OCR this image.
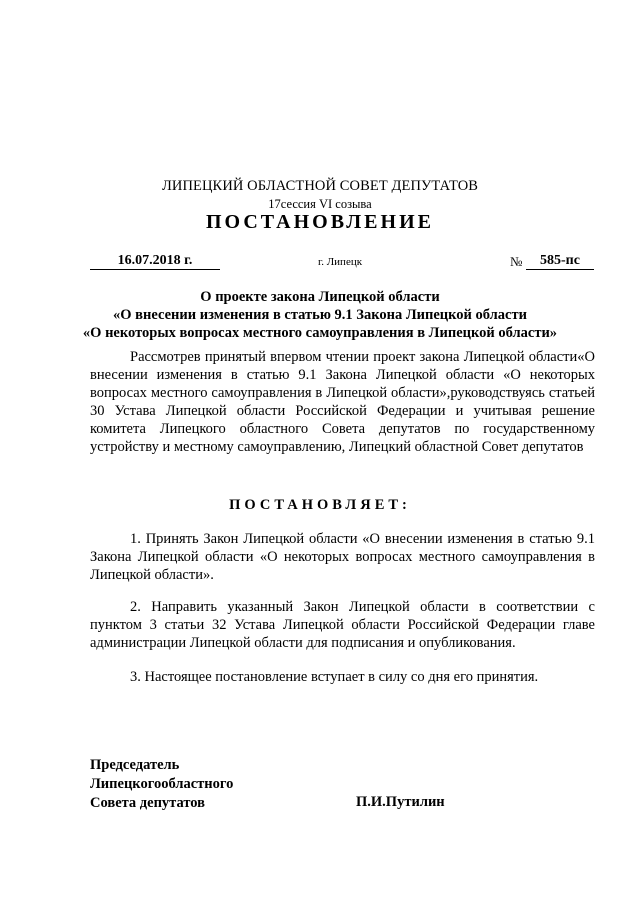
ЛИПЕЦКИЙ ОБЛАСТНОЙ СОВЕТ ДЕПУТАТОВ
17сессия VI созыва
ПОСТАНОВЛЕНИЕ
16.07.2018 г.	г. Липецк	№	585-пс
О проекте закона Липецкой области
«О внесении изменения в статью 9.1 Закона Липецкой области
«О некоторых вопросах местного самоуправления в Липецкой области»
Рассмотрев принятый впервом чтении проект закона Липецкой области«О внесении изменения в статью 9.1 Закона Липецкой области «О некоторых вопросах местного самоуправления в Липецкой области»,руководствуясь статьей 30 Устава Липецкой области Российской Федерации и учитывая решение комитета Липецкого областного Совета депутатов по государственному устройству и местному самоуправлению, Липецкий областной Совет депутатов
ПОСТАНОВЛЯЕТ:
1. Принять Закон Липецкой области «О внесении изменения в статью 9.1 Закона Липецкой области «О некоторых вопросах местного самоуправления в Липецкой области».
2. Направить указанный Закон Липецкой области в соответствии с пунктом 3 статьи 32 Устава Липецкой области Российской Федерации главе администрации Липецкой области для подписания и опубликования.
3. Настоящее постановление вступает в силу со дня его принятия.
Председатель
Липецкогообластного
Совета депутатов	П.И.Путилин
